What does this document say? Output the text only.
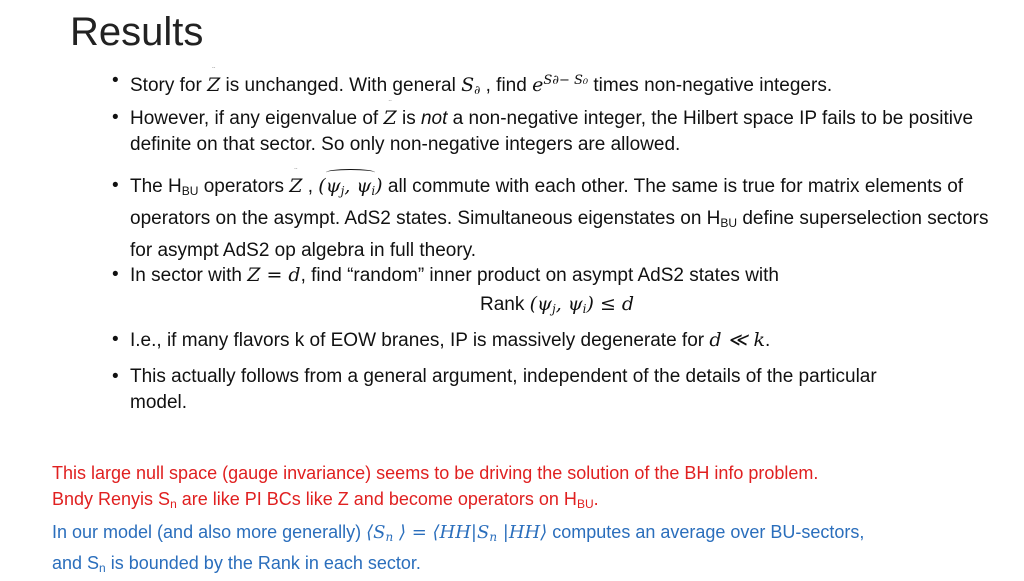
Results
• Story for Z is unchanged. With general $S_\partial$ , find $e^{S\partial- S_0}$ times non-negative integers.
• However, if any eigenvalue of Z is not a non-negative integer, the Hilbert space IP fails to be positive definite on that sector. So only non-negative integers are allowed.
• The $H_{BU}$ operators Z , ($\psi_j$, $\psi_i$) all commute with each other. The same is true for matrix elements of operators on the asympt. AdS2 states. Simultaneous eigenstates on $H_{BU}$ define superselection sectors for asympt AdS2 op algebra in full theory.
• In sector with Z = d, find “random” inner product on asympt AdS2 states with
Rank ($\psi_j$, $\psi_i) \le d$
• I.e., if many flavors k of EOW branes, IP is massively degenerate for d ≪ k.
• This actually follows from a general argument, independent of the details of the particular model.
This large null space (gauge invariance) seems to be driving the solution of the BH info problem.
Bndy Renyis $S_n$ are like PI BCs like Z and become operators on $H_{BU}$.
In our model (and also more generally) $⟨S_n$ ⟩ = $⟨HH|S_n$ |HH⟩ computes an average over BU-sectors,
and $S_n$ is bounded by the Rank in each sector.
